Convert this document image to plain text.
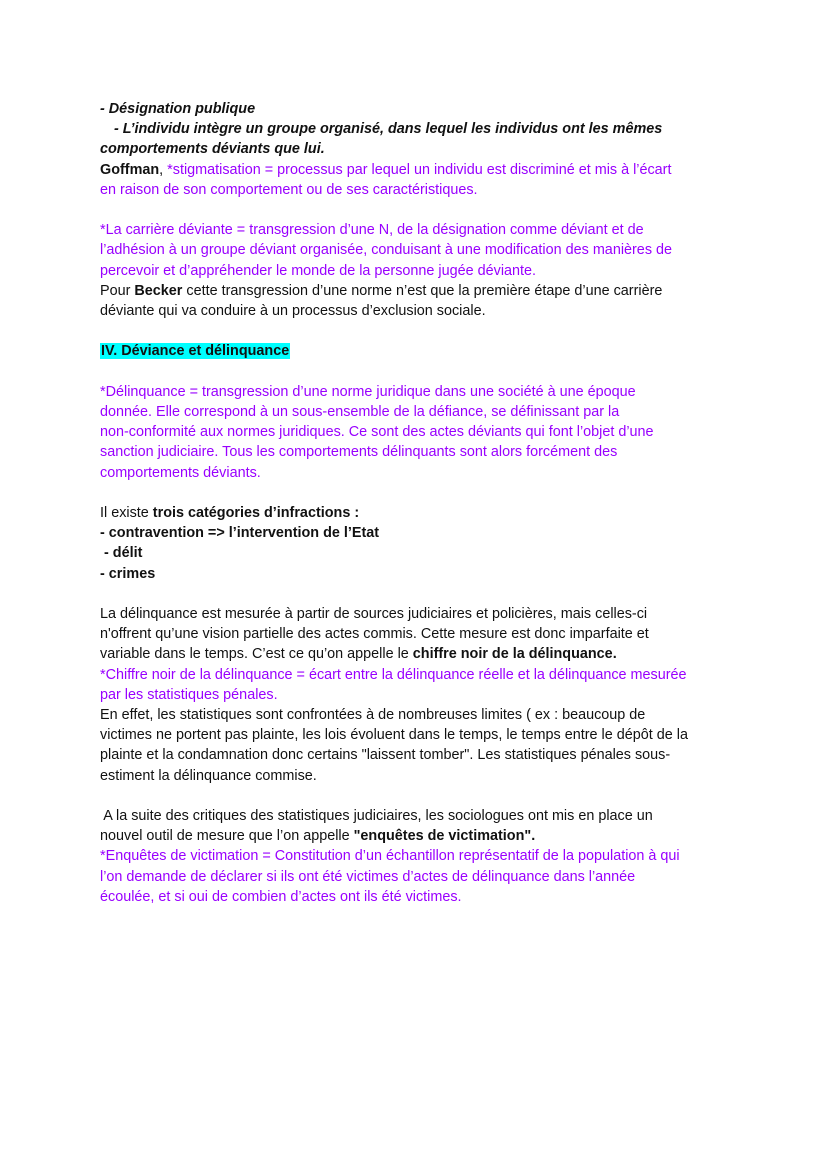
- Désignation publique
- L’individu intègre un groupe organisé, dans lequel les individus ont les mêmes
comportements déviants que lui.
Goffman, *stigmatisation = processus par lequel un individu est discriminé et mis à l’écart
en raison de son comportement ou de ses caractéristiques.
*La carrière déviante = transgression d’une N, de la désignation comme déviant et de
l’adhésion à un groupe déviant organisée, conduisant à une modification des manières de
percevoir et d’appréhender le monde de la personne jugée déviante.
Pour Becker cette transgression d’une norme n’est que la première étape d’une carrière
déviante qui va conduire à un processus d’exclusion sociale.
IV. Déviance et délinquance
*Délinquance = transgression d’une norme juridique dans une société à une époque
donnée. Elle correspond à un sous-ensemble de la défiance, se définissant par la
non-conformité aux normes juridiques. Ce sont des actes déviants qui font l’objet d’une
sanction judiciaire. Tous les comportements délinquants sont alors forcément des
comportements déviants.
Il existe trois catégories d’infractions :
- contravention => l’intervention de l’Etat
- délit
- crimes
La délinquance est mesurée à partir de sources judiciaires et policières, mais celles-ci
n'offrent qu’une vision partielle des actes commis. Cette mesure est donc imparfaite et
variable dans le temps. C’est ce qu’on appelle le chiffre noir de la délinquance.
*Chiffre noir de la délinquance = écart entre la délinquance réelle et la délinquance mesurée
par les statistiques pénales.
En effet, les statistiques sont confrontées à de nombreuses limites ( ex : beaucoup de
victimes ne portent pas plainte, les lois évoluent dans le temps, le temps entre le dépôt de la
plainte et la condamnation donc certains "laissent tomber". Les statistiques pénales sous-
estiment la délinquance commise.
A la suite des critiques des statistiques judiciaires, les sociologues ont mis en place un
nouvel outil de mesure que l’on appelle "enquêtes de victimation".
*Enquêtes de victimation = Constitution d’un échantillon représentatif de la population à qui
l’on demande de déclarer si ils ont été victimes d’actes de délinquance dans l’année
écoulée, et si oui de combien d’actes ont ils été victimes.
